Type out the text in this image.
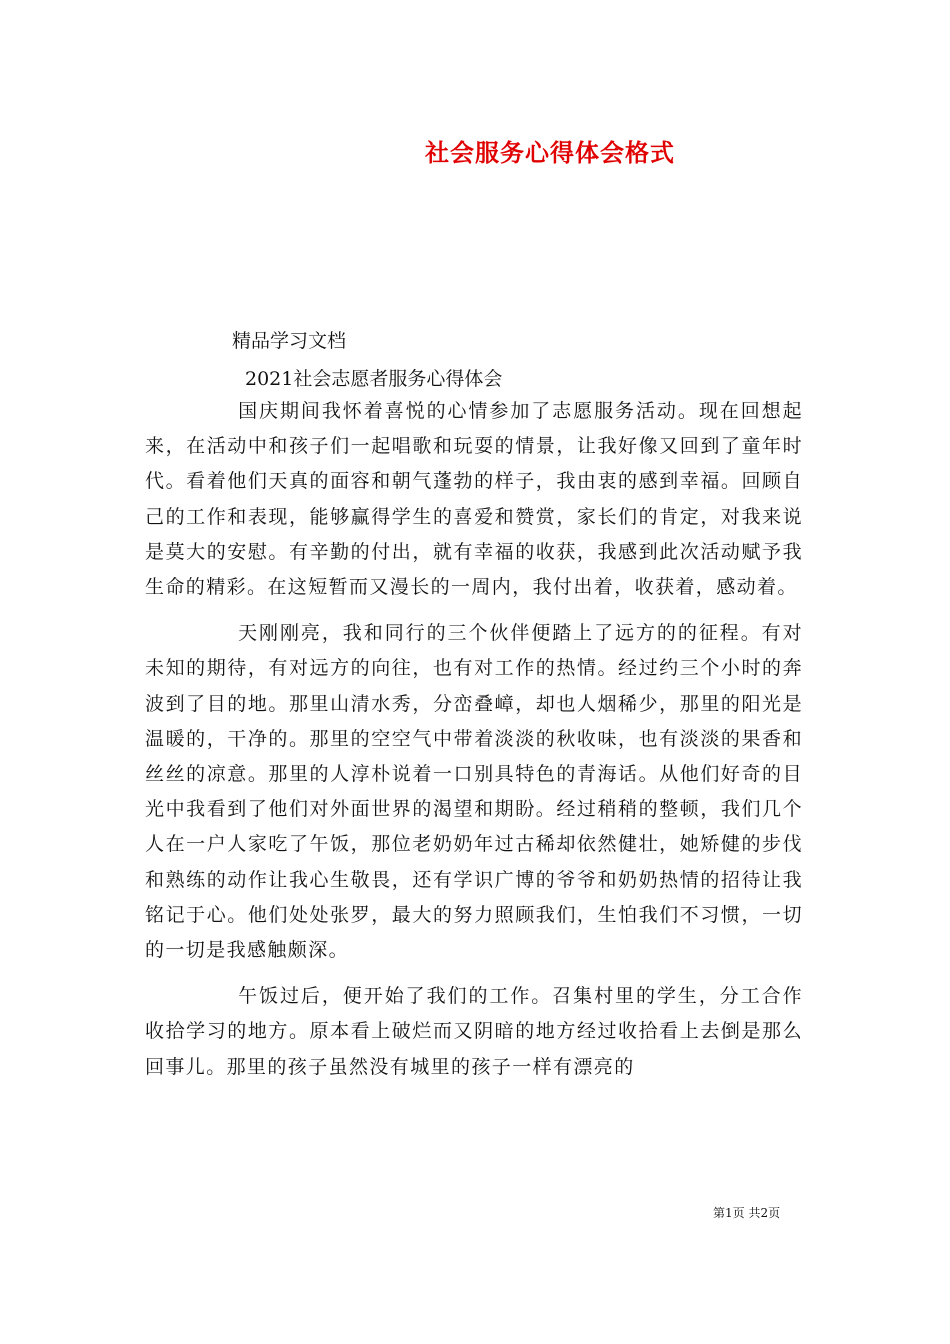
社会服务心得体会格式
精品学习文档
2021社会志愿者服务心得体会

国庆期间我怀着喜悦的心情参加了志愿服务活动。现在回想起来，在活动中和孩子们一起唱歌和玩耍的情景，让我好像又回到了童年时代。看着他们天真的面容和朝气蓬勃的样子，我由衷的感到幸福。回顾自己的工作和表现，能够赢得学生的喜爱和赞赏，家长们的肯定，对我来说是莫大的安慰。有辛勤的付出，就有幸福的收获，我感到此次活动赋予我生命的精彩。在这短暂而又漫长的一周内，我付出着，收获着，感动着。

天刚刚亮，我和同行的三个伙伴便踏上了远方的的征程。有对未知的期待，有对远方的向往，也有对工作的热情。经过约三个小时的奔波到了目的地。那里山清水秀，分峦叠嶂，却也人烟稀少，那里的阳光是温暖的，干净的。那里的空空气中带着淡淡的秋收味，也有淡淡的果香和丝丝的凉意。那里的人淳朴说着一口别具特色的青海话。从他们好奇的目光中我看到了他们对外面世界的渴望和期盼。经过稍稍的整顿，我们几个人在一户人家吃了午饭，那位老奶奶年过古稀却依然健壮，她矫健的步伐和熟练的动作让我心生敬畏，还有学识广博的爷爷和奶奶热情的招待让我铭记于心。他们处处张罗，最大的努力照顾我们，生怕我们不习惯，一切的一切是我感触颇深。

午饭过后，便开始了我们的工作。召集村里的学生，分工合作收拾学习的地方。原本看上破烂而又阴暗的地方经过收拾看上去倒是那么回事儿。那里的孩子虽然没有城里的孩子一样有漂亮的

第1页 共2页
